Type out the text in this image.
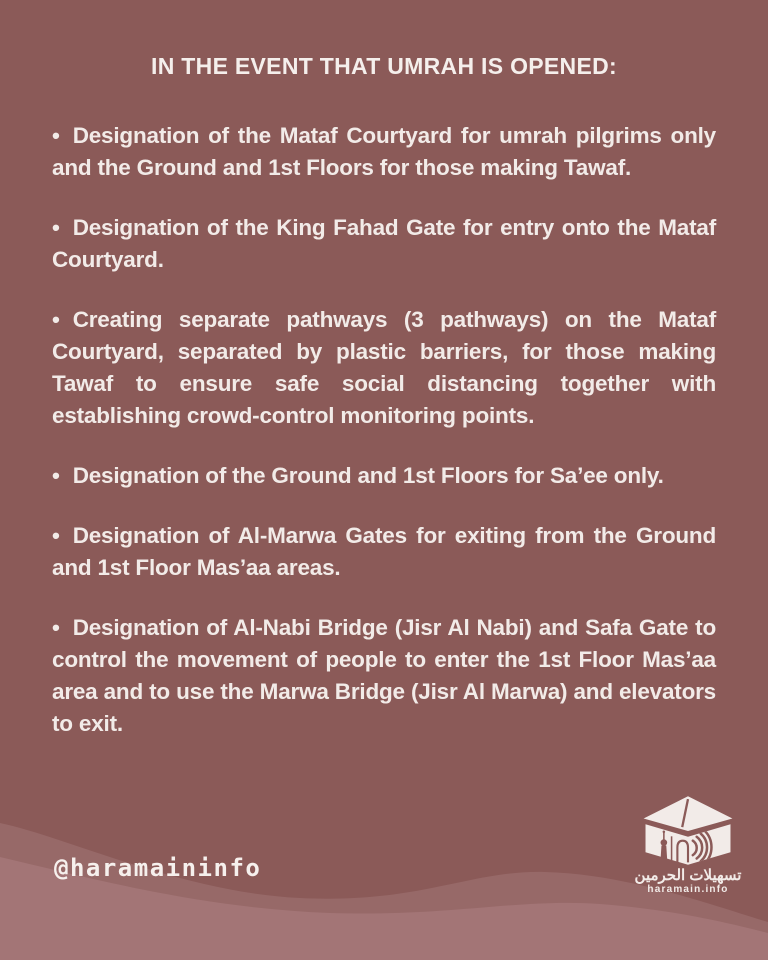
IN THE EVENT THAT UMRAH IS OPENED:

• Designation of the Mataf Courtyard for umrah pilgrims only and the Ground and 1st Floors for those making Tawaf.

• Designation of the King Fahad Gate for entry onto the Mataf Courtyard.

• Creating separate pathways (3 pathways) on the Mataf Courtyard, separated by plastic barriers, for those making Tawaf to ensure safe social distancing together with establishing crowd-control monitoring points.

• Designation of the Ground and 1st Floors for Sa’ee only.

• Designation of Al-Marwa Gates for exiting from the Ground and 1st Floor Mas’aa areas.

• Designation of Al-Nabi Bridge (Jisr Al Nabi) and Safa Gate to control the movement of people to enter the 1st Floor Mas’aa area and to use the Marwa Bridge (Jisr Al Marwa) and elevators to exit.

@haramaininfo	تسهيلات الحرمين
haramain.info
